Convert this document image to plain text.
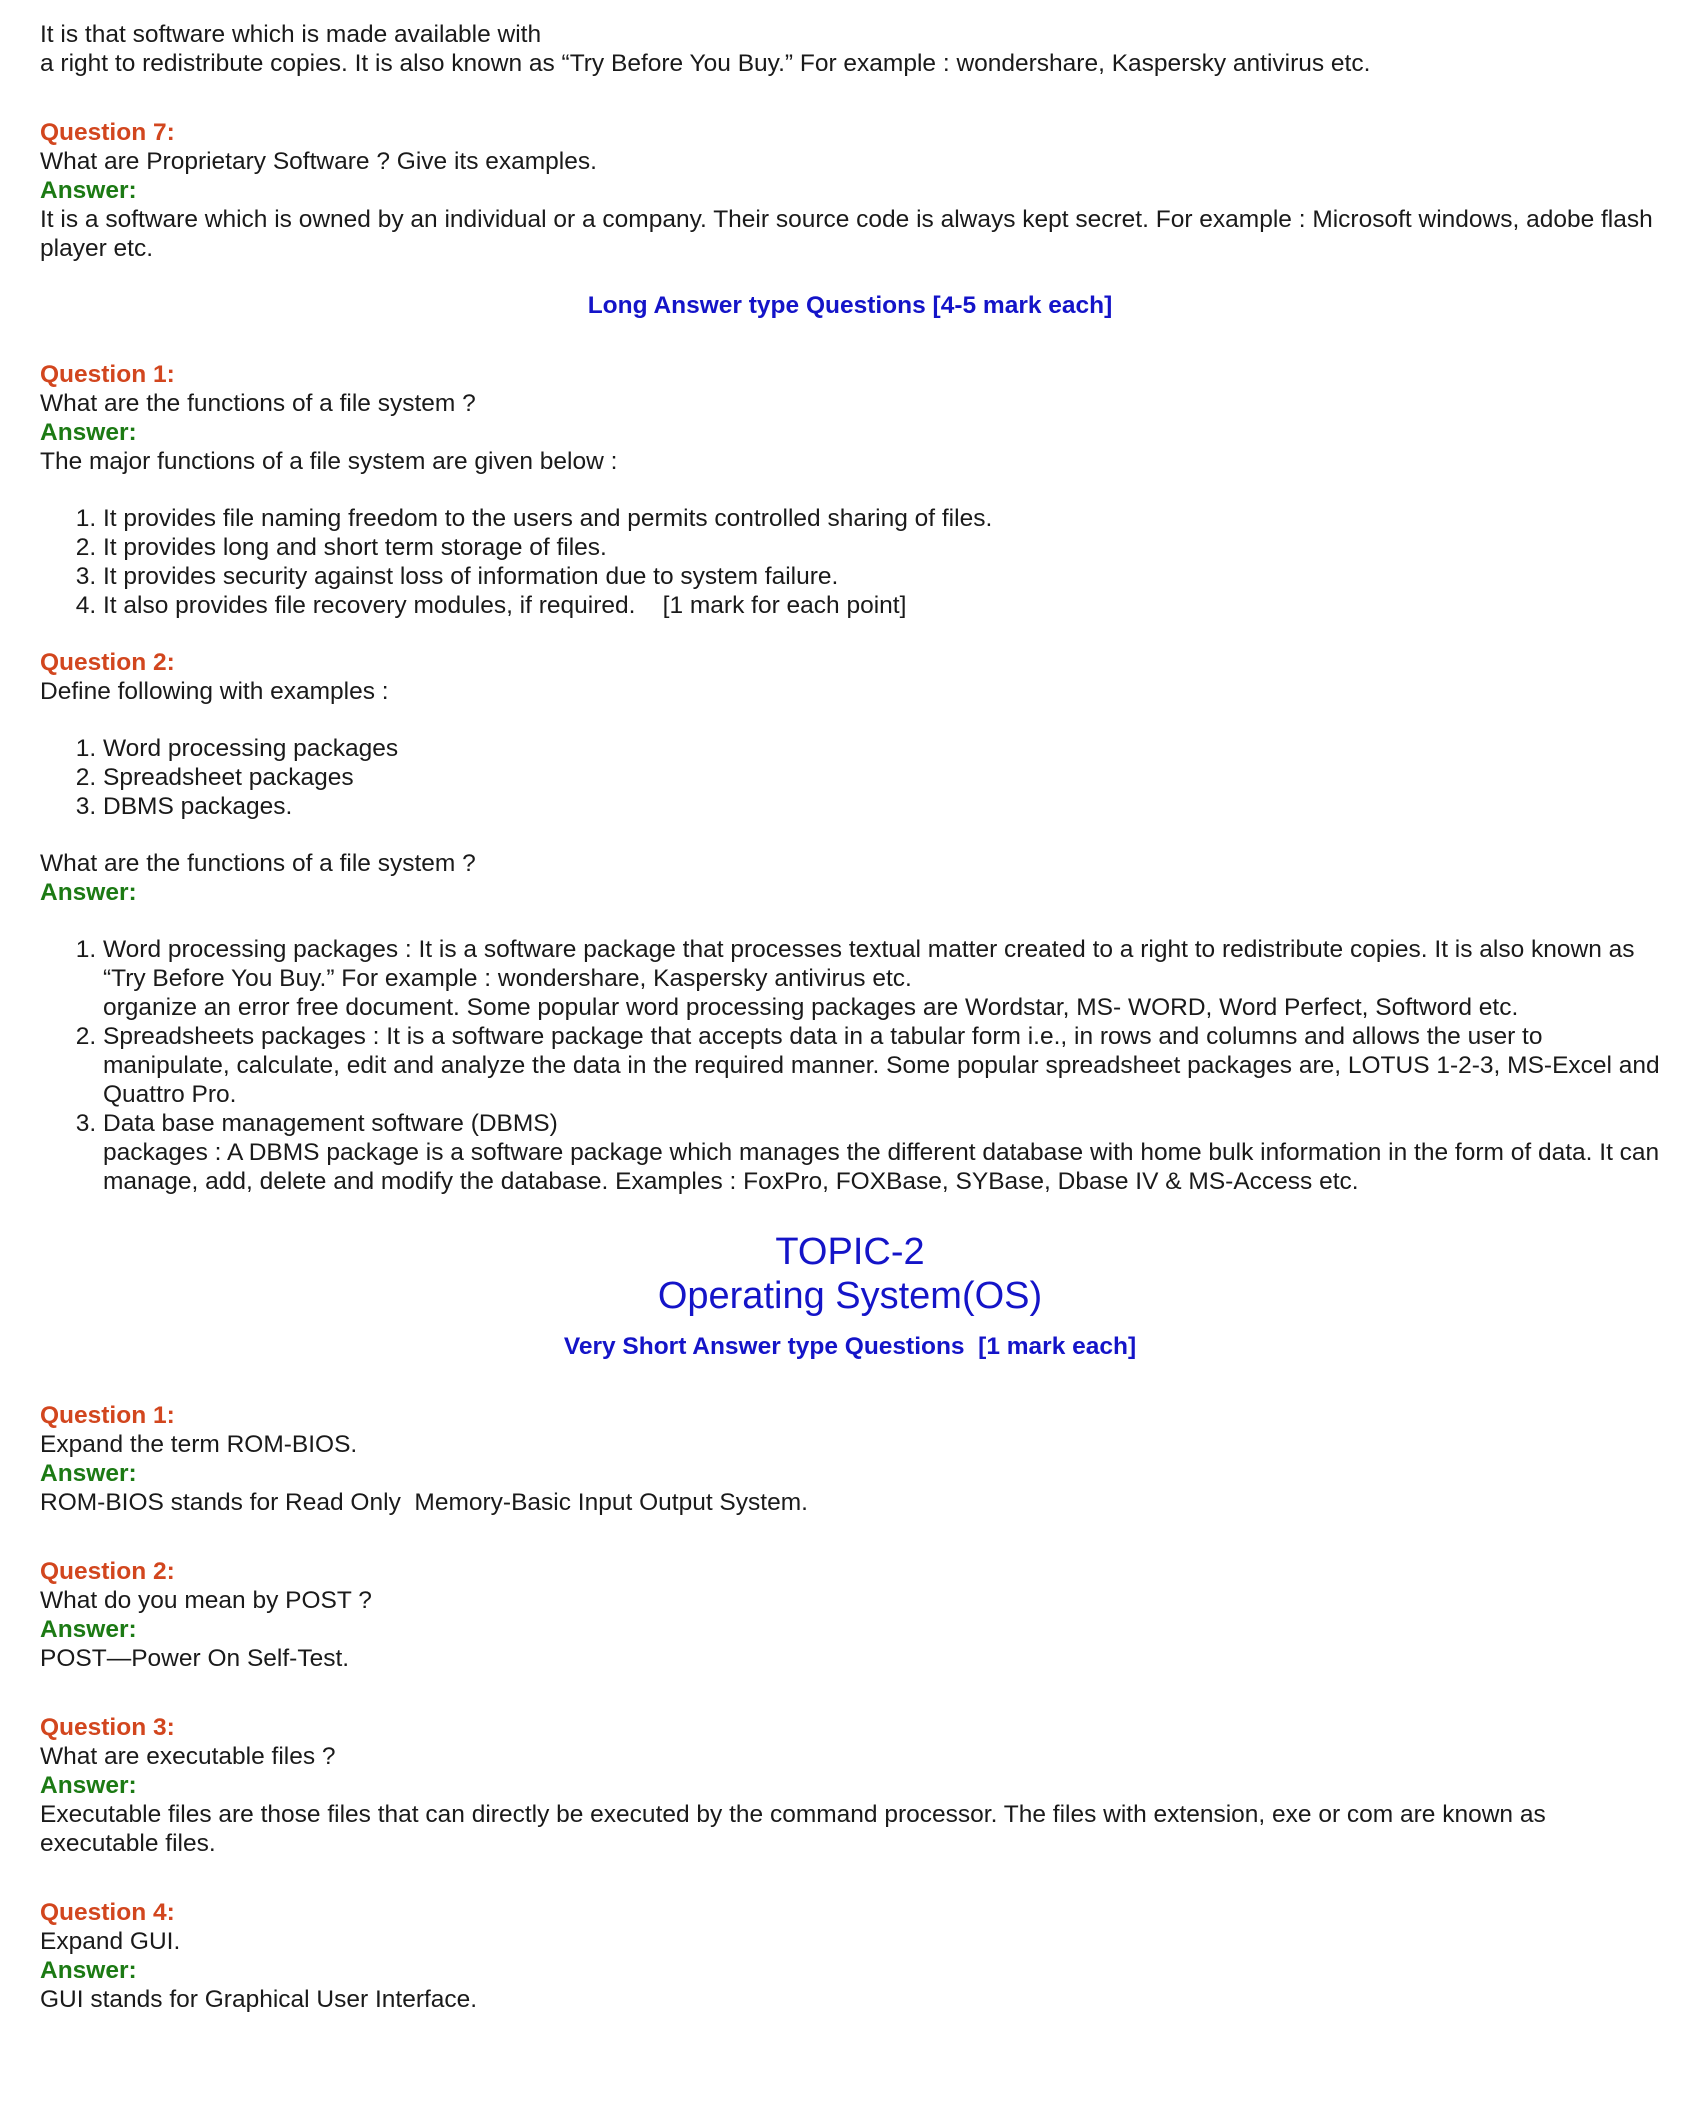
It is that software which is made available with
a right to redistribute copies. It is also known as “Try Before You Buy.” For example : wondershare, Kaspersky antivirus etc.
Question 7:
What are Proprietary Software ? Give its examples.
Answer:
It is a software which is owned by an individual or a company. Their source code is always kept secret. For example : Microsoft windows, adobe flash player etc.
Long Answer type Questions [4-5 mark each]
Question 1:
What are the functions of a file system ?
Answer:
The major functions of a file system are given below :
1. It provides file naming freedom to the users and permits controlled sharing of files.
2. It provides long and short term storage of files.
3. It provides security against loss of information due to system failure.
4. It also provides file recovery modules, if required.    [1 mark for each point]
Question 2:
Define following with examples :
1. Word processing packages
2. Spreadsheet packages
3. DBMS packages.
What are the functions of a file system ?
Answer:
1. Word processing packages : It is a software package that processes textual matter created to a right to redistribute copies. It is also known as “Try Before You Buy.” For example : wondershare, Kaspersky antivirus etc.
organize an error free document. Some popular word processing packages are Wordstar, MS- WORD, Word Perfect, Softword etc.
2. Spreadsheets packages : It is a software package that accepts data in a tabular form i.e., in rows and columns and allows the user to manipulate, calculate, edit and analyze the data in the required manner. Some popular spreadsheet packages are, LOTUS 1-2-3, MS-Excel and Quattro Pro.
3. Data base management software (DBMS)
packages : A DBMS package is a software package which manages the different database with home bulk information in the form of data. It can manage, add, delete and modify the database. Examples : FoxPro, FOXBase, SYBase, Dbase IV & MS-Access etc.
TOPIC-2
Operating System(OS)
Very Short Answer type Questions  [1 mark each]
Question 1:
Expand the term ROM-BIOS.
Answer:
ROM-BIOS stands for Read Only  Memory-Basic Input Output System.
Question 2:
What do you mean by POST ?
Answer:
POST—Power On Self-Test.
Question 3:
What are executable files ?
Answer:
Executable files are those files that can directly be executed by the command processor. The files with extension, exe or com are known as executable files.
Question 4:
Expand GUI.
Answer:
GUI stands for Graphical User Interface.
